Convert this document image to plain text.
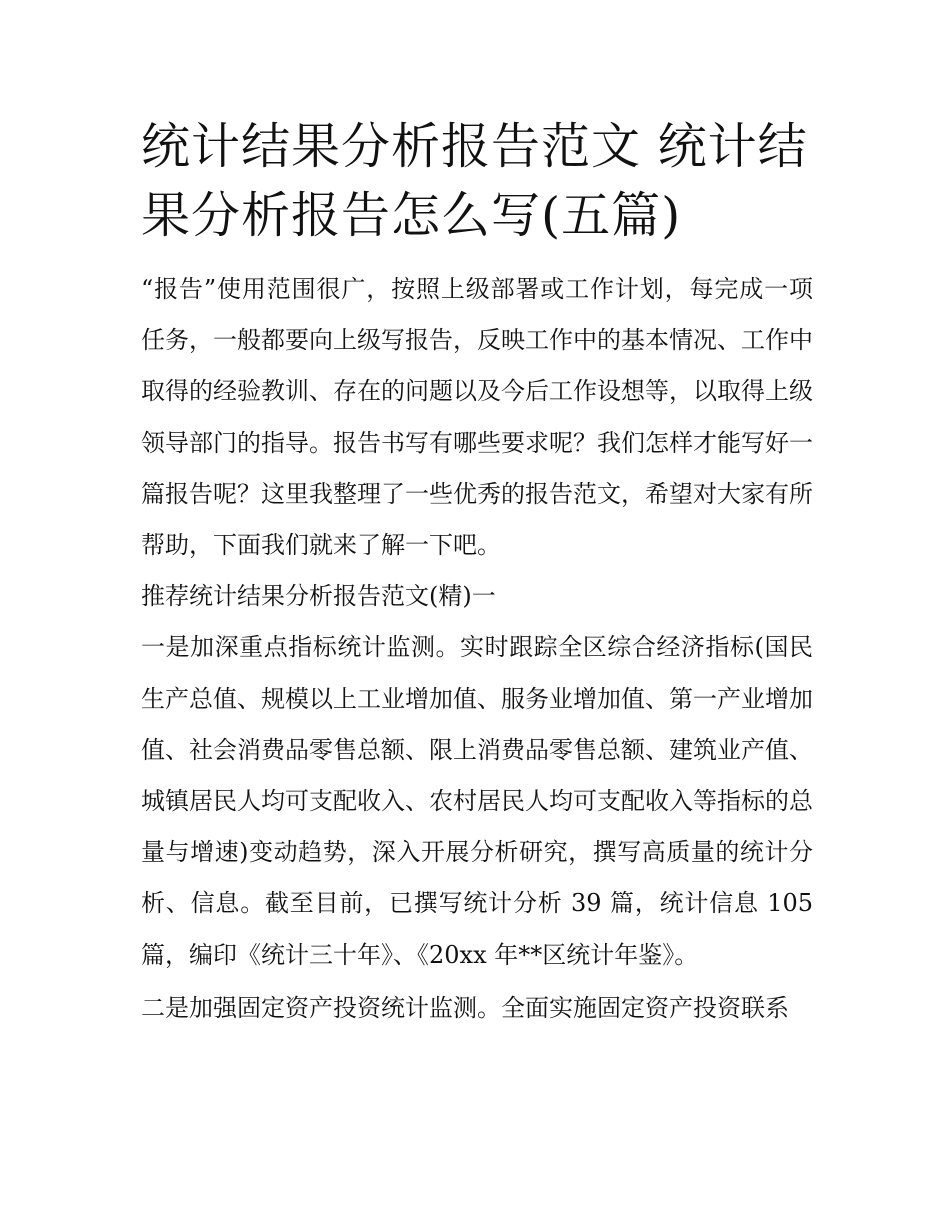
统计结果分析报告范文 统计结果分析报告怎么写(五篇)

“报告”使用范围很广，按照上级部署或工作计划，每完成一项任务，一般都要向上级写报告，反映工作中的基本情况、工作中取得的经验教训、存在的问题以及今后工作设想等，以取得上级领导部门的指导。报告书写有哪些要求呢？我们怎样才能写好一篇报告呢？这里我整理了一些优秀的报告范文，希望对大家有所帮助，下面我们就来了解一下吧。

推荐统计结果分析报告范文(精)一

一是加深重点指标统计监测。实时跟踪全区综合经济指标(国民生产总值、规模以上工业增加值、服务业增加值、第一产业增加值、社会消费品零售总额、限上消费品零售总额、建筑业产值、城镇居民人均可支配收入、农村居民人均可支配收入等指标的总量与增速)变动趋势，深入开展分析研究，撰写高质量的统计分析、信息。截至目前，已撰写统计分析 39 篇，统计信息 105 篇，编印《统计三十年》、《20xx 年**区统计年鉴》。

二是加强固定资产投资统计监测。全面实施固定资产投资联系
